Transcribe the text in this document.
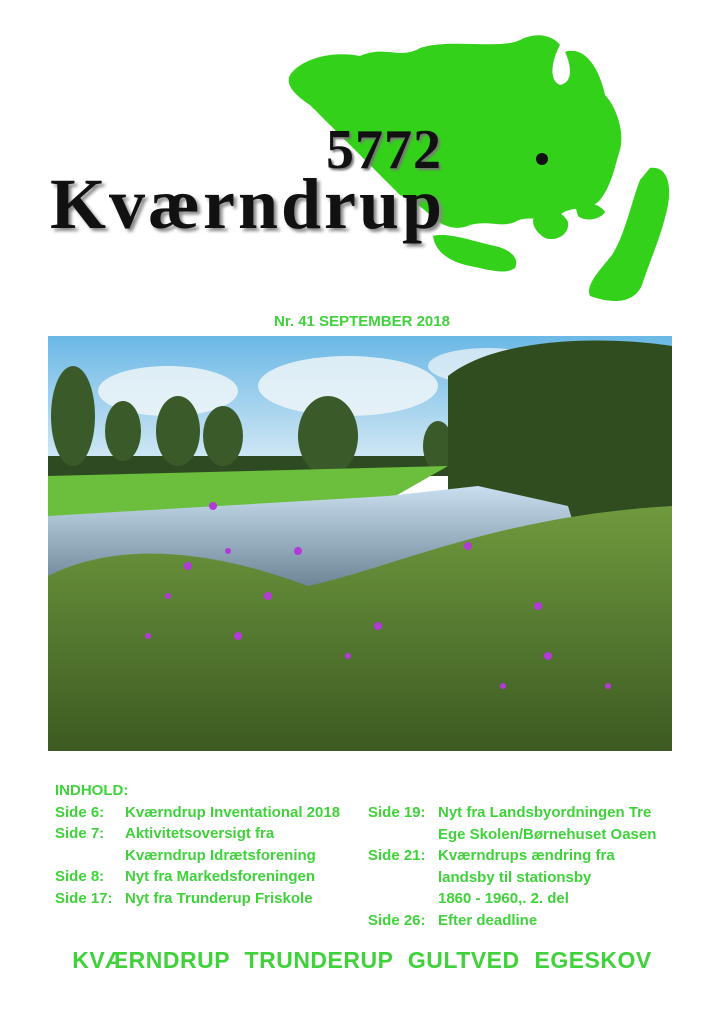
5772
Kværndrup
Nr. 41 SEPTEMBER 2018
INDHOLD:
Side 6:	Kværndrup Inventational 2018
Side 7:	Aktivitetsoversigt fra
Kværndrup Idrætsforening
Side 8:	Nyt fra Markedsforeningen
Side 17: Nyt fra Trunderup Friskole
Side 19: Nyt fra Landsbyordningen Tre
Ege Skolen/Børnehuset Oasen
Side 21: Kværndrups ændring fra
landsby til stationsby
1860 - 1960,. 2. del
Side 26: Efter deadline
KVÆRNDRUP TRUNDERUP GULTVED EGESKOV
